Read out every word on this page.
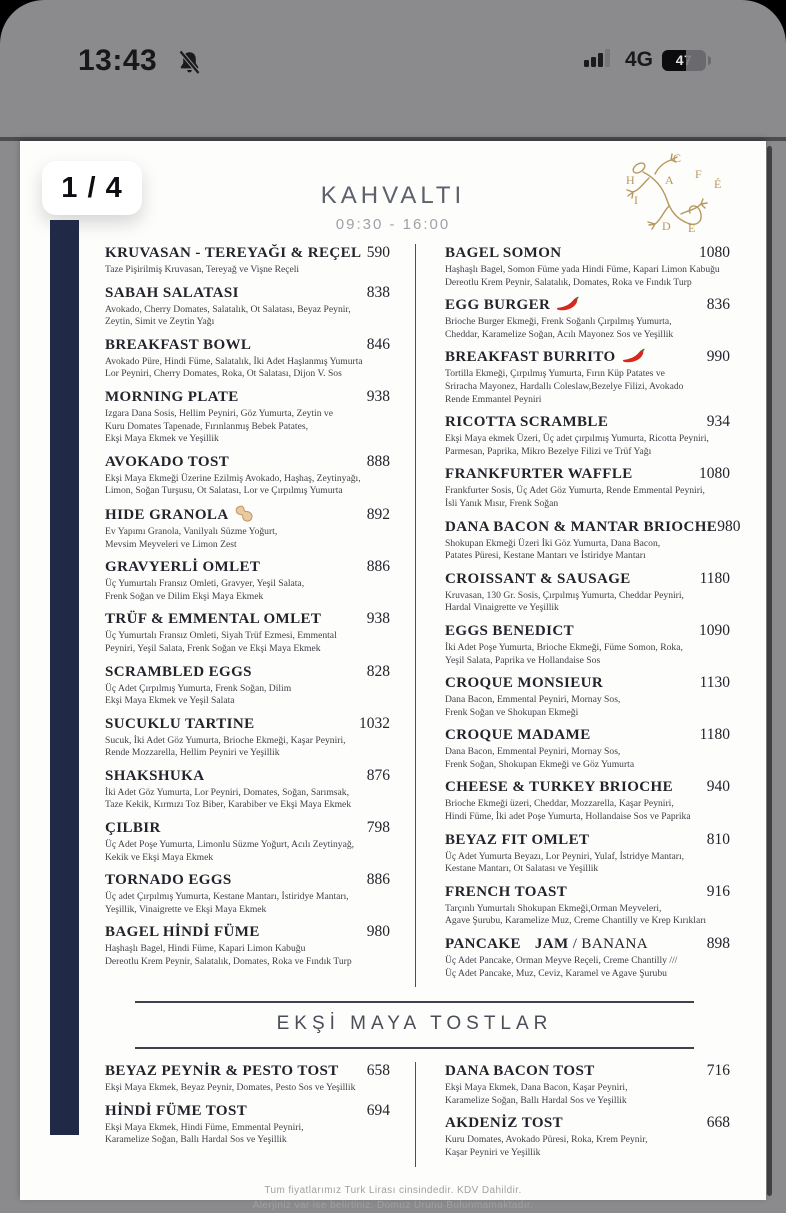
13:43	4G	47
1 / 4
C
A F
É
H
I
D E
KAHVALTI
09:30 - 16:00
KRUVASAN - TEREYAĞI & REÇEL 590
Taze Pişirilmiş Kruvasan, Tereyağ ve Vişne Reçeli
SABAH SALATASI	838
Avokado, Cherry Domates, Salatalık, Ot Salatası, Beyaz Peynir,
Zeytin, Simit ve Zeytin Yağı
BREAKFAST BOWL	846
Avokado Püre, Hindi Füme, Salatalık, İki Adet Haşlanmış Yumurta
Lor Peyniri, Cherry Domates, Roka, Ot Salatası, Dijon V. Sos
MORNING PLATE	938
Izgara Dana Sosis, Hellim Peyniri, Göz Yumurta, Zeytin ve
Kuru Domates Tapenade, Fırınlanmış Bebek Patates,
Ekşi Maya Ekmek ve Yeşillik
AVOKADO TOST	888
Ekşi Maya Ekmeği Üzerine Ezilmiş Avokado, Haşhaş, Zeytinyağı,
Limon, Soğan Turşusu, Ot Salatası, Lor ve Çırpılmış Yumurta
HIDE GRANOLA	892
Ev Yapımı Granola, Vanilyalı Süzme Yoğurt,
Mevsim Meyveleri ve Limon Zest
GRAVYERLİ OMLET	886
Üç Yumurtalı Fransız Omleti, Gravyer, Yeşil Salata,
Frenk Soğan ve Dilim Ekşi Maya Ekmek
TRÜF & EMMENTAL OMLET	938
Üç Yumurtalı Fransız Omleti, Siyah Trüf Ezmesi, Emmental
Peyniri, Yeşil Salata, Frenk Soğan ve Ekşi Maya Ekmek
SCRAMBLED EGGS	828
Üç Adet Çırpılmış Yumurta, Frenk Soğan, Dilim
Ekşi Maya Ekmek ve Yeşil Salata
SUCUKLU TARTINE	1032
Sucuk, İki Adet Göz Yumurta, Brioche Ekmeği, Kaşar Peyniri,
Rende Mozzarella, Hellim Peyniri ve Yeşillik
SHAKSHUKA	876
İki Adet Göz Yumurta, Lor Peyniri, Domates, Soğan, Sarımsak,
Taze Kekik, Kırmızı Toz Biber, Karabiber ve Ekşi Maya Ekmek
ÇILBIR	798
Üç Adet Poşe Yumurta, Limonlu Süzme Yoğurt, Acılı Zeytinyağ,
Kekik ve Ekşi Maya Ekmek
TORNADO EGGS	886
Üç adet Çırpılmış Yumurta, Kestane Mantarı, İstiridye Mantarı,
Yeşillik, Vinaigrette ve Ekşi Maya Ekmek
BAGEL HİNDİ FÜME	980
Haşhaşlı Bagel, Hindi Füme, Kapari Limon Kabuğu
Dereotlu Krem Peynir, Salatalık, Domates, Roka ve Fındık Turp
BAGEL SOMON	1080
Haşhaşlı Bagel, Somon Füme yada Hindi Füme, Kapari Limon Kabuğu
Dereotlu Krem Peynir, Salatalık, Domates, Roka ve Fındık Turp
EGG BURGER	836
Brioche Burger Ekmeği, Frenk Soğanlı Çırpılmış Yumurta,
Cheddar, Karamelize Soğan, Acılı Mayonez Sos ve Yeşillik
BREAKFAST BURRITO	990
Tortilla Ekmeği, Çırpılmış Yumurta, Fırın Küp Patates ve
Sriracha Mayonez, Hardallı Coleslaw,Bezelye Filizi, Avokado
Rende Emmantel Peyniri
RICOTTA SCRAMBLE	934
Ekşi Maya ekmek Üzeri, Üç adet çırpılmış Yumurta, Ricotta Peyniri,
Parmesan, Paprika, Mikro Bezelye Filizi ve Trüf Yağı
FRANKFURTER WAFFLE	1080
Frankfurter Sosis, Üç Adet Göz Yumurta, Rende Emmental Peyniri,
İsli Yanık Mısır, Frenk Soğan
DANA BACON & MANTAR BRIOCHE 980
Shokupan Ekmeği Üzeri İki Göz Yumurta, Dana Bacon,
Patates Püresi, Kestane Mantarı ve İstiridye Mantarı
CROISSANT & SAUSAGE	1180
Kruvasan, 130 Gr. Sosis, Çırpılmış Yumurta, Cheddar Peyniri,
Hardal Vinaigrette ve Yeşillik
EGGS BENEDICT	1090
İki Adet Poşe Yumurta, Brioche Ekmeği, Füme Somon, Roka,
Yeşil Salata, Paprika ve Hollandaise Sos
CROQUE MONSIEUR	1130
Dana Bacon, Emmental Peyniri, Mornay Sos,
Frenk Soğan ve Shokupan Ekmeği
CROQUE MADAME	1180
Dana Bacon, Emmental Peyniri, Mornay Sos,
Frenk Soğan, Shokupan Ekmeği ve Göz Yumurta
CHEESE & TURKEY BRIOCHE 940
Brioche Ekmeği üzeri, Cheddar, Mozzarella, Kaşar Peyniri,
Hindi Füme, İki adet Poşe Yumurta, Hollandaise Sos ve Paprika
BEYAZ FIT OMLET	810
Üç Adet Yumurta Beyazı, Lor Peyniri, Yulaf, İstridye Mantarı,
Kestane Mantarı, Ot Salatası ve Yeşillik
FRENCH TOAST	916
Tarçınlı Yumurtalı Shokupan Ekmeği,Orman Meyveleri,
Agave Şurubu, Karamelize Muz, Creme Chantilly ve Krep Kırıkları
PANCAKE JAM / BANANA	898
Üç Adet Pancake, Orman Meyve Reçeli, Creme Chantilly ///
Üç Adet Pancake, Muz, Ceviz, Karamel ve Agave Şurubu
EKŞİ MAYA TOSTLAR
BEYAZ PEYNİR & PESTO TOST 658
Ekşi Maya Ekmek, Beyaz Peynir, Domates, Pesto Sos ve Yeşillik
HİNDİ FÜME TOST	694
Ekşi Maya Ekmek, Hindi Füme, Emmental Peyniri,
Karamelize Soğan, Ballı Hardal Sos ve Yeşillik
DANA BACON TOST	716
Ekşi Maya Ekmek, Dana Bacon, Kaşar Peyniri,
Karamelize Soğan, Ballı Hardal Sos ve Yeşillik
AKDENİZ TOST	668
Kuru Domates, Avokado Püresi, Roka, Krem Peynir,
Kaşar Peyniri ve Yeşillik
Tum fiyatlarımız Turk Lirası cinsindedir. KDV Dahildir.
Alerjiniz var ise belirtiniz. Domuz Urunu Bulunmamaktadır.
